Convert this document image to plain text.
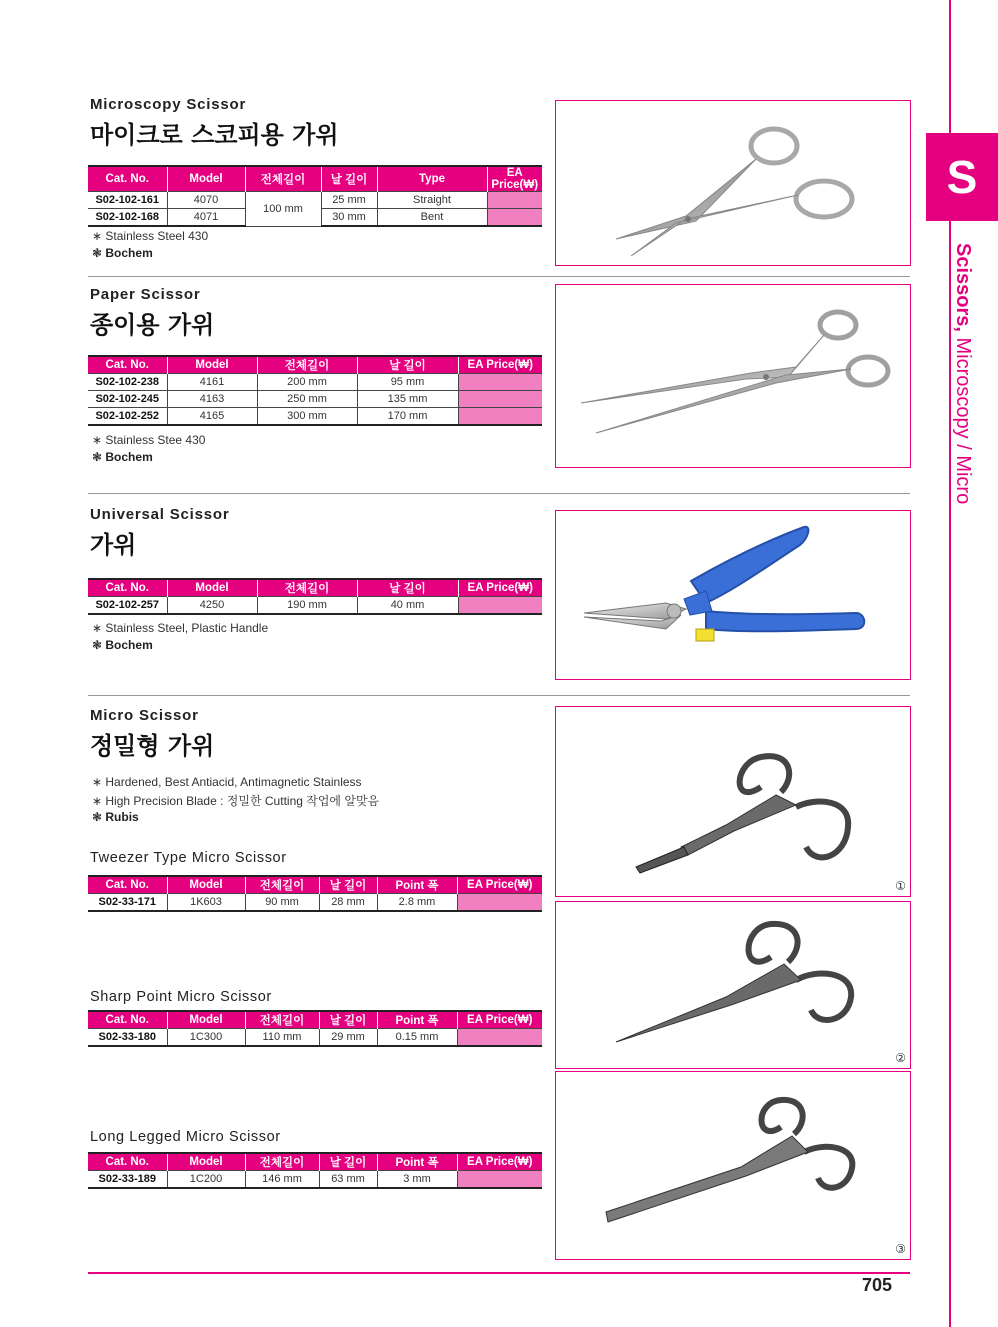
S
Scissors, Microscopy / Micro
Microscopy Scissor
마이크로 스코피용 가위
Cat. No.	Model	전체길이	날 길이	Type	EA Price(₩)
S02-102-161	4070	100 mm	25 mm	Straight	
S02-102-168	4071		30 mm	Bent	
∗ Stainless Steel 430
❃ Bochem
Paper Scissor
종이용 가위
Cat. No.	Model	전체길이	날 길이	EA Price(₩)
S02-102-238	4161	200 mm	95 mm	
S02-102-245	4163	250 mm	135 mm	
S02-102-252	4165	300 mm	170 mm	
∗ Stainless Stee 430
❃ Bochem
Universal Scissor
가위
Cat. No.	Model	전체길이	날 길이	EA Price(₩)
S02-102-257	4250	190 mm	40 mm	
∗ Stainless Steel, Plastic Handle
❃ Bochem
Micro Scissor
정밀형 가위
∗ Hardened, Best Antiacid, Antimagnetic Stainless
∗ High Precision Blade : 정밀한 Cutting 작업에 알맞음
❃ Rubis
Tweezer Type Micro Scissor
Cat. No.	Model	전체길이	날 길이	Point 폭	EA Price(₩)
S02-33-171	1K603	90 mm	28 mm	2.8 mm	
Sharp Point Micro Scissor
Cat. No.	Model	전체길이	날 길이	Point 폭	EA Price(₩)
S02-33-180	1C300	110 mm	29 mm	0.15 mm	
Long Legged Micro Scissor
Cat. No.	Model	전체길이	날 길이	Point 폭	EA Price(₩)
S02-33-189	1C200	146 mm	63 mm	3 mm	
①
②
③
705
